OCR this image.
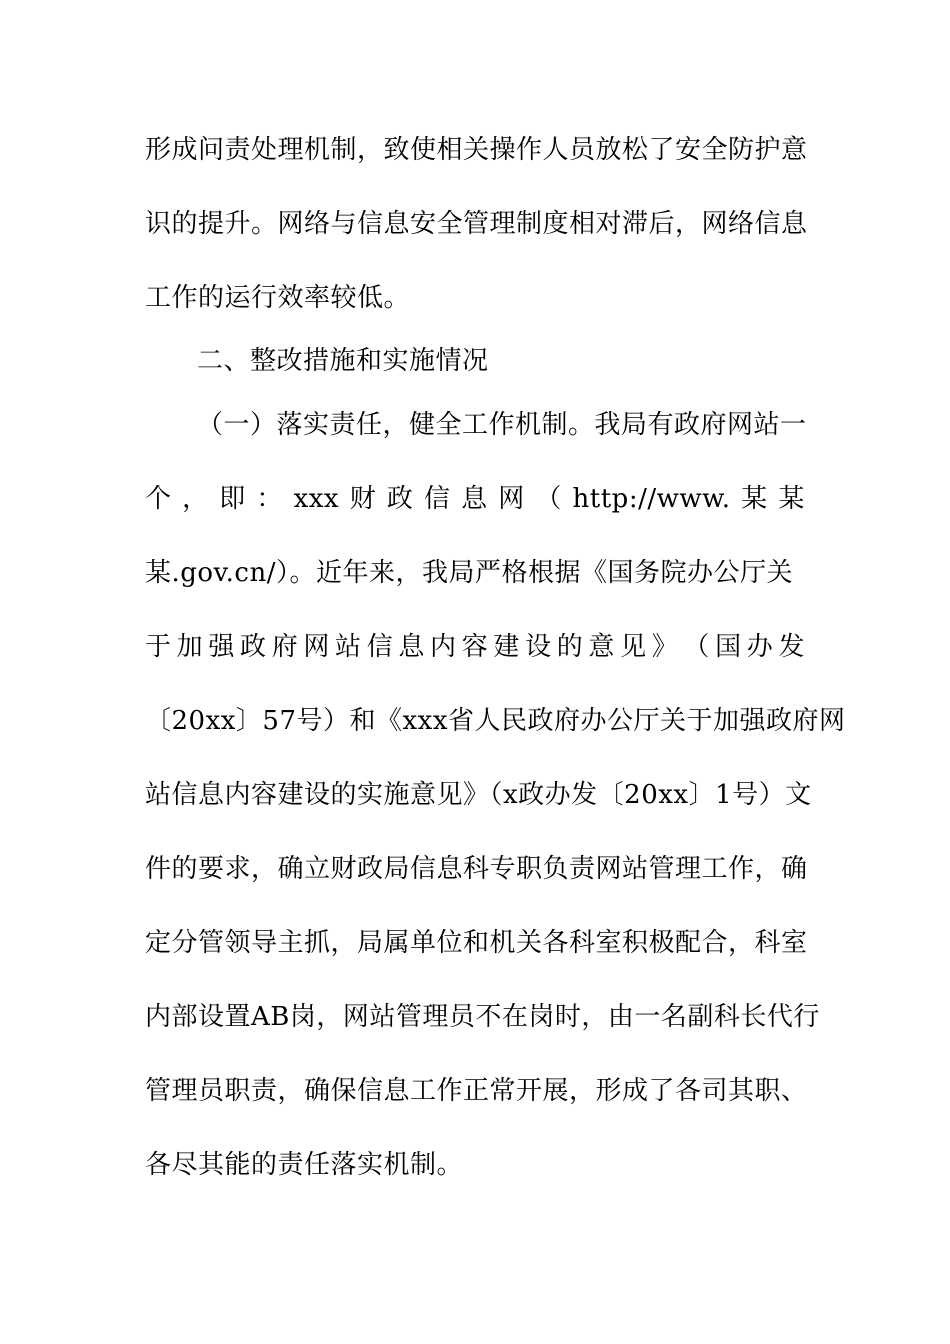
形成问责处理机制，致使相关操作人员放松了安全防护意
识的提升。网络与信息安全管理制度相对滞后，网络信息
工作的运行效率较低。
二、整改措施和实施情况
（一）落实责任，健全工作机制。我局有政府网站一
个 ， 即 ： xxx 财 政 信 息 网 （ http://www. 某 某
某.gov.cn/）。近年来，我局严格根据《国务院办公厅关
于 加 强 政 府 网 站 信 息 内 容 建 设 的 意 见 》 （ 国 办 发
〔20xx〕57号）和《xxx省人民政府办公厅关于加强政府网
站信息内容建设的实施意见》（x政办发〔20xx〕1号）文
件的要求，确立财政局信息科专职负责网站管理工作，确
定分管领导主抓，局属单位和机关各科室积极配合，科室
内部设置AB岗，网站管理员不在岗时，由一名副科长代行
管理员职责，确保信息工作正常开展，形成了各司其职、
各尽其能的责任落实机制。
